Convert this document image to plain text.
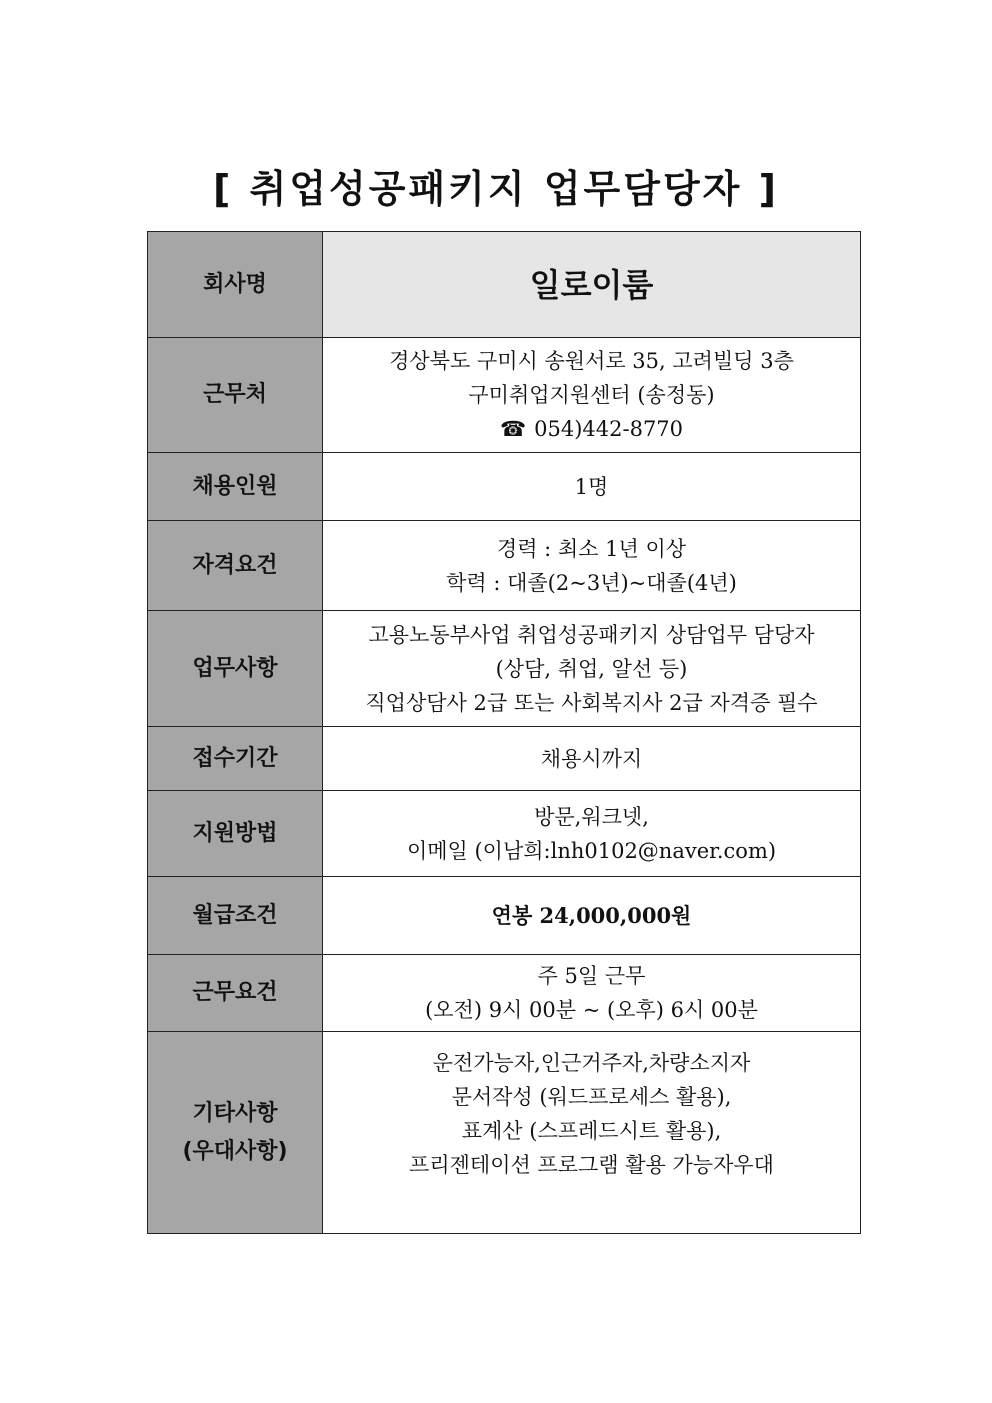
[ 취업성공패키지 업무담당자 ]
회사명	일로이룸
근무처	경상북도 구미시 송원서로 35, 고려빌딩 3층
구미취업지원센터 (송정동)
☎ 054)442-8770

채용인원	1명
자격요건	경력 : 최소 1년 이상
학력 : 대졸(2~3년)~대졸(4년)

업무사항	고용노동부사업 취업성공패키지 상담업무 담당자
(상담, 취업, 알선 등)
직업상담사 2급 또는 사회복지사 2급 자격증 필수

접수기간	채용시까지
지원방법	방문,워크넷,
이메일 (이남희:lnh0102@naver.com)

월급조건	연봉 24,000,000원
근무요건	주 5일 근무
(오전) 9시 00분 ~ (오후) 6시 00분

기타사항
(우대사항)	운전가능자,인근거주자,차량소지자
문서작성 (워드프로세스 활용),
표계산 (스프레드시트 활용),
프리젠테이션 프로그램 활용 가능자우대
